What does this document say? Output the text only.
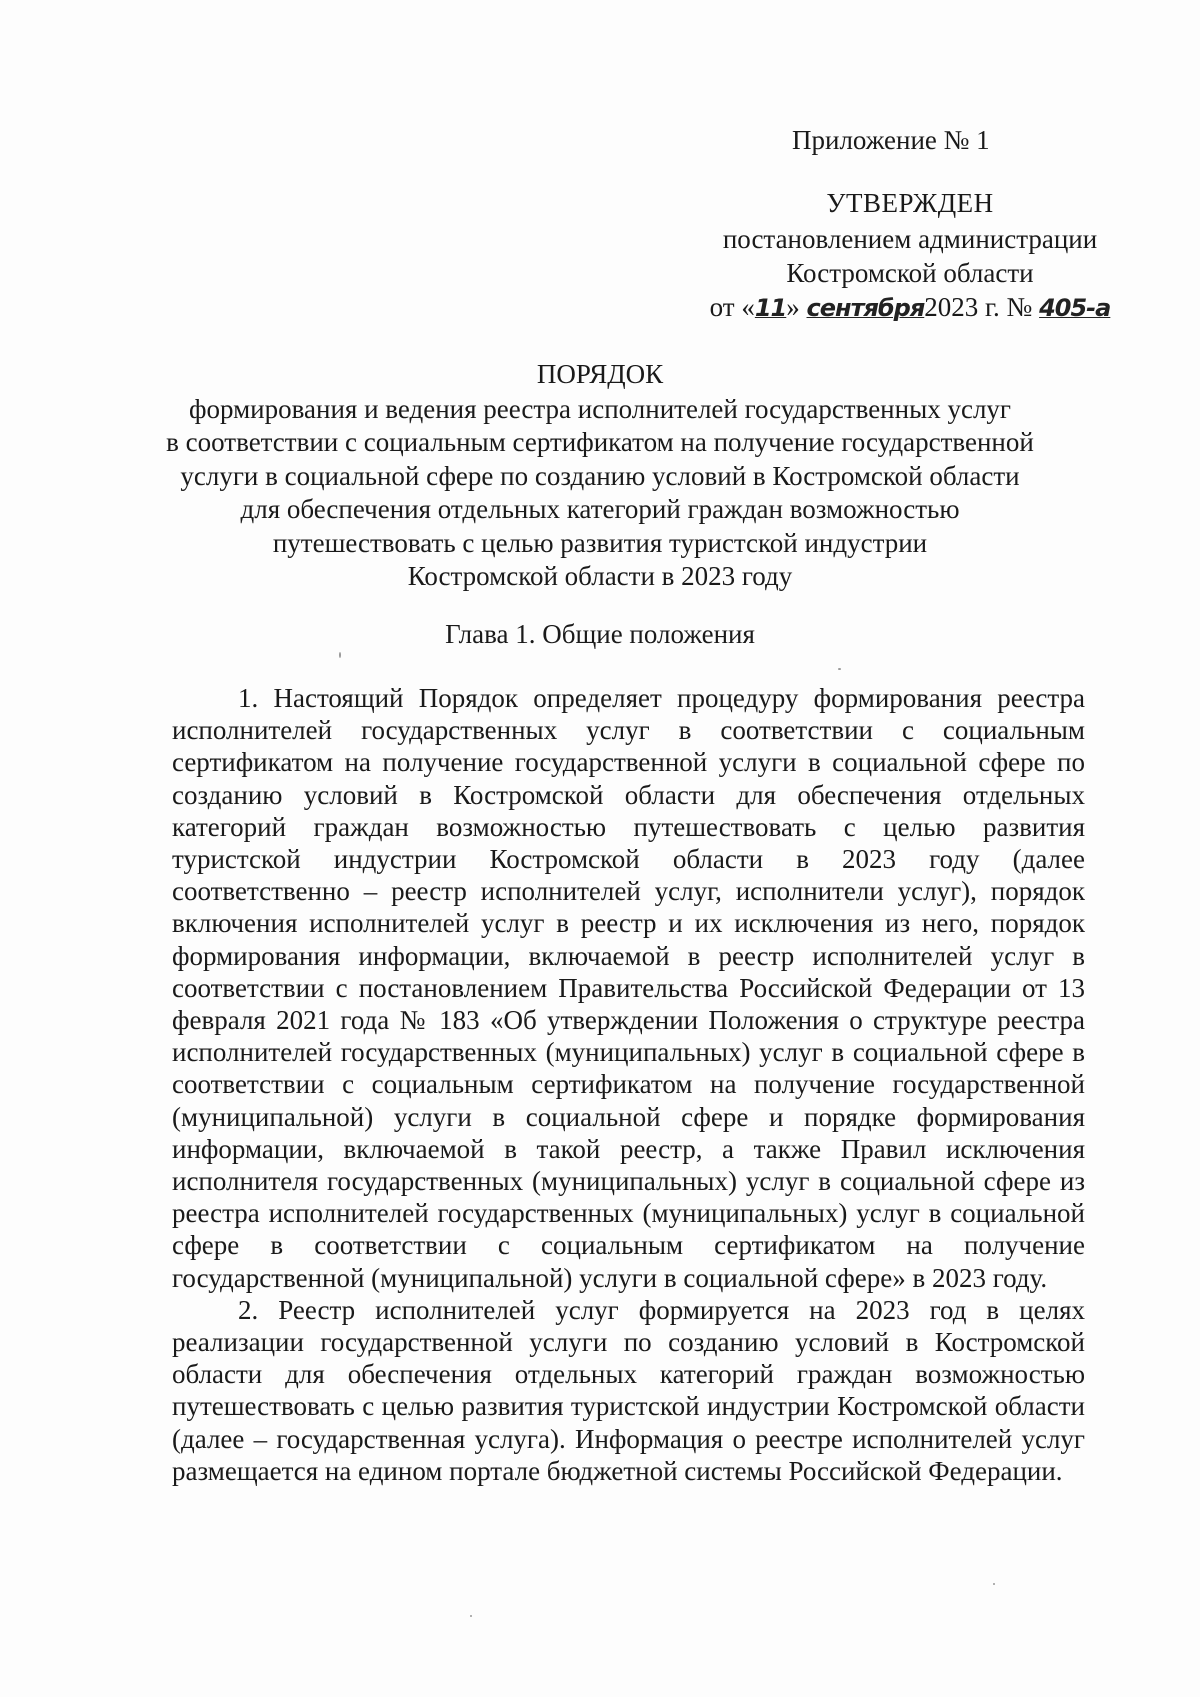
Приложение № 1
УТВЕРЖДЕН
постановлением администрации
Костромской области
от «11» сентября2023 г. № 405-а
ПОРЯДОК
формирования и ведения реестра исполнителей государственных услуг
в соответствии с социальным сертификатом на получение государственной
услуги в социальной сфере по созданию условий в Костромской области
для обеспечения отдельных категорий граждан возможностью
путешествовать с целью развития туристской индустрии
Костромской области в 2023 году
Глава 1. Общие положения

1. Настоящий Порядок определяет процедуру формирования реестра исполнителей государственных услуг в соответствии с социальным сертификатом на получение государственной услуги в социальной сфере по созданию условий в Костромской области для обеспечения отдельных категорий граждан возможностью путешествовать с целью развития туристской индустрии Костромской области в 2023 году (далее соответственно – реестр исполнителей услуг, исполнители услуг), порядок включения исполнителей услуг в реестр и их исключения из него, порядок формирования информации, включаемой в реестр исполнителей услуг в соответствии с постановлением Правительства Российской Федерации от 13 февраля 2021 года № 183 «Об утверждении Положения о структуре реестра исполнителей государственных (муниципальных) услуг в социальной сфере в соответствии с социальным сертификатом на получение государственной (муниципальной) услуги в социальной сфере и порядке формирования информации, включаемой в такой реестр, а также Правил исключения исполнителя государственных (муниципальных) услуг в социальной сфере из реестра исполнителей государственных (муниципальных) услуг в социальной сфере в соответствии с социальным сертификатом на получение государственной (муниципальной) услуги в социальной сфере» в 2023 году.

2. Реестр исполнителей услуг формируется на 2023 год в целях реализации государственной услуги по созданию условий в Костромской области для обеспечения отдельных категорий граждан возможностью путешествовать с целью развития туристской индустрии Костромской области (далее – государственная услуга). Информация о реестре исполнителей услуг размещается на едином портале бюджетной системы Российской Федерации.
